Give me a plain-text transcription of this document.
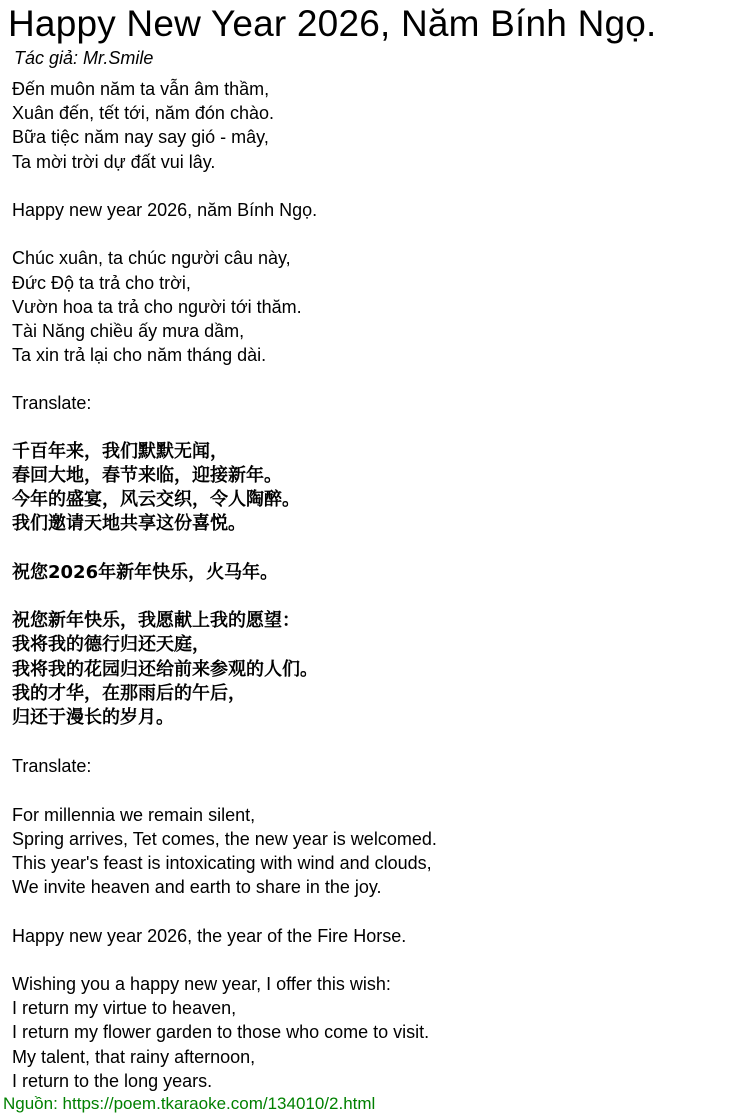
Happy New Year 2026, Năm Bính Ngọ.
Tác giả: Mr.Smile
Đến muôn năm ta vẫn âm thầm,
Xuân đến, tết tới, năm đón chào.
Bữa tiệc năm nay say gió - mây,
Ta mời trời dự đất vui lây.
Happy new year 2026, năm Bính Ngọ.
Chúc xuân, ta chúc người câu này,
Đức Độ ta trả cho trời,
Vườn hoa ta trả cho người tới thăm.
Tài Năng chiều ấy mưa dầm,
Ta xin trả lại cho năm tháng dài.
Translate:
千百年来，我们默默无闻，
春回大地，春节来临，迎接新年。
今年的盛宴，风云交织，令人陶醉。
我们邀请天地共享这份喜悦。
祝您2026年新年快乐，火马年。
祝您新年快乐，我愿献上我的愿望：
我将我的德行归还天庭，
我将我的花园归还给前来参观的人们。
我的才华，在那雨后的午后，
归还于漫长的岁月。
Translate:
For millennia we remain silent,
Spring arrives, Tet comes, the new year is welcomed.
This year's feast is intoxicating with wind and clouds,
We invite heaven and earth to share in the joy.
Happy new year 2026, the year of the Fire Horse.
Wishing you a happy new year, I offer this wish:
I return my virtue to heaven,
I return my flower garden to those who come to visit.
My talent, that rainy afternoon,
I return to the long years.
Nguồn: https://poem.tkaraoke.com/134010/2.html
